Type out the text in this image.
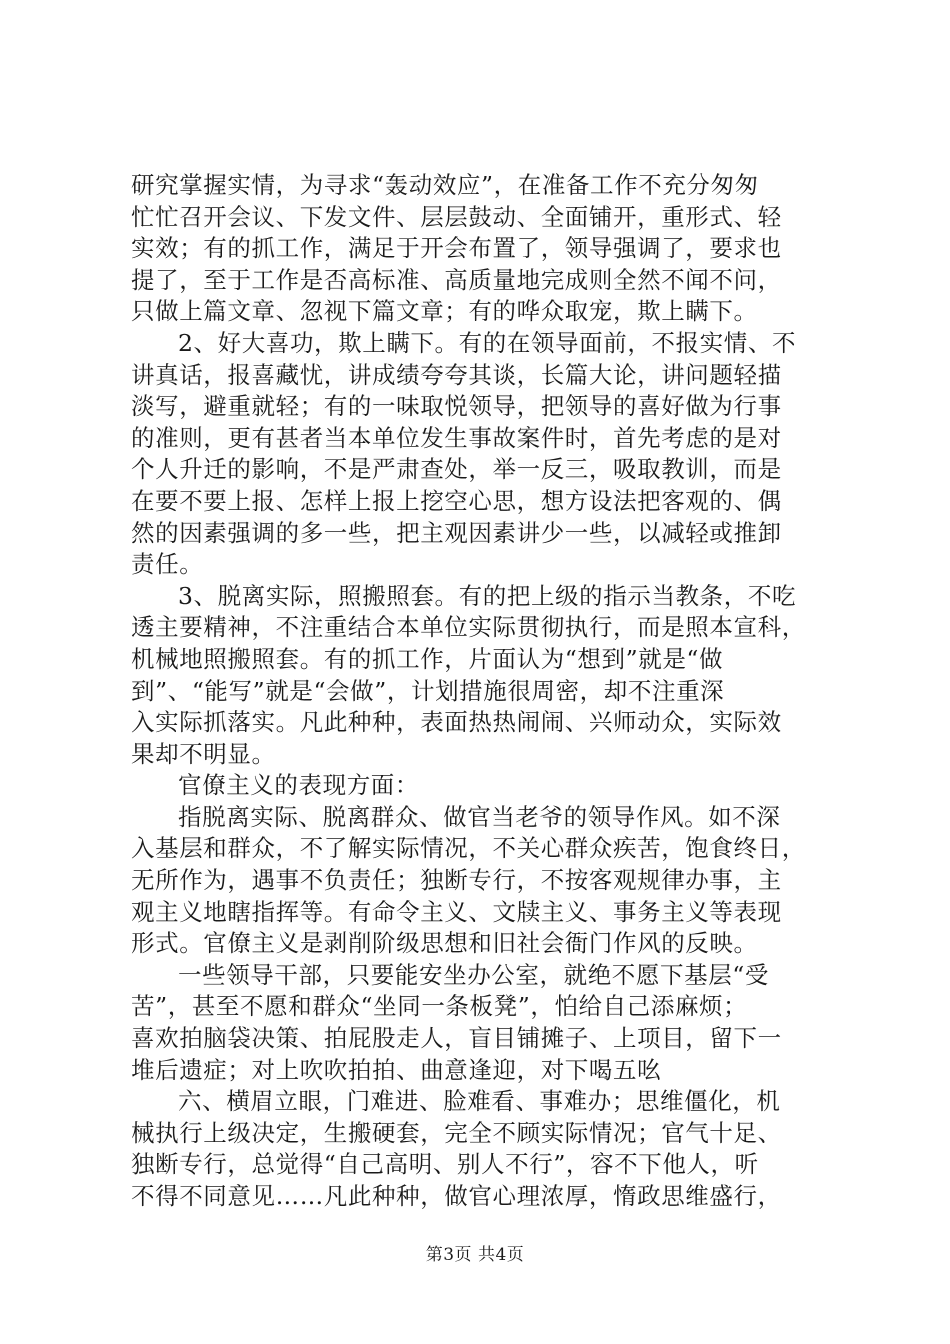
研究掌握实情，为寻求“轰动效应”，在准备工作不充分匆匆
忙忙召开会议、下发文件、层层鼓动、全面铺开，重形式、轻
实效；有的抓工作，满足于开会布置了，领导强调了，要求也
提了，至于工作是否高标准、高质量地完成则全然不闻不问，
只做上篇文章、忽视下篇文章；有的哗众取宠，欺上瞒下。
2、好大喜功，欺上瞒下。有的在领导面前，不报实情、不
讲真话，报喜藏忧，讲成绩夸夸其谈，长篇大论，讲问题轻描
淡写，避重就轻；有的一味取悦领导，把领导的喜好做为行事
的准则，更有甚者当本单位发生事故案件时，首先考虑的是对
个人升迁的影响，不是严肃查处，举一反三，吸取教训，而是
在要不要上报、怎样上报上挖空心思，想方设法把客观的、偶
然的因素强调的多一些，把主观因素讲少一些，以减轻或推卸
责任。
3、脱离实际，照搬照套。有的把上级的指示当教条，不吃
透主要精神，不注重结合本单位实际贯彻执行，而是照本宣科，
机械地照搬照套。有的抓工作，片面认为“想到”就是“做
到”、“能写”就是“会做”，计划措施很周密，却不注重深
入实际抓落实。凡此种种，表面热热闹闹、兴师动众，实际效
果却不明显。
官僚主义的表现方面：
指脱离实际、脱离群众、做官当老爷的领导作风。如不深
入基层和群众，不了解实际情况，不关心群众疾苦，饱食终日，
无所作为，遇事不负责任；独断专行，不按客观规律办事，主
观主义地瞎指挥等。有命令主义、文牍主义、事务主义等表现
形式。官僚主义是剥削阶级思想和旧社会衙门作风的反映。
一些领导干部，只要能安坐办公室，就绝不愿下基层“受
苦”，甚至不愿和群众“坐同一条板凳”，怕给自己添麻烦；
喜欢拍脑袋决策、拍屁股走人，盲目铺摊子、上项目，留下一
堆后遗症；对上吹吹拍拍、曲意逢迎，对下喝五吆
六、横眉立眼，门难进、脸难看、事难办；思维僵化，机
械执行上级决定，生搬硬套，完全不顾实际情况；官气十足、
独断专行，总觉得“自己高明、别人不行”，容不下他人，听
不得不同意见……凡此种种，做官心理浓厚，惰政思维盛行，
第3页 共4页
